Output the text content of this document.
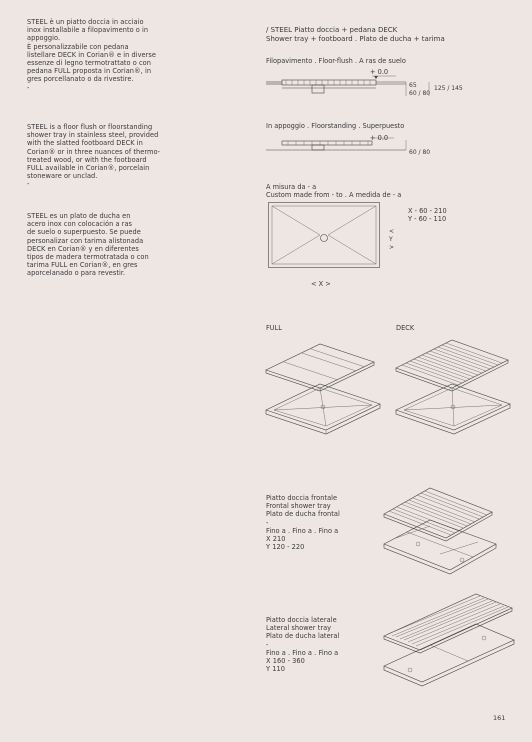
STEEL è un piatto doccia in acciaio
inox installabile a filopavimento o in
appoggio.
È personalizzabile con pedana
listellare DECK in Corian® e in diverse
essenze di legno termotrattato o con
pedana FULL proposta in Corian®, in
gres porcellanato o da rivestire.
-
STEEL is a floor flush or floorstanding
shower tray in stainless steel, provided
with the slatted footboard DECK in
Corian® or in three nuances of thermo-
treated wood, or with the footboard
FULL available in Corian®, porcelain
stoneware or unclad.
-
STEEL es un plato de ducha en
acero inox con colocación a ras
de suelo o superpuesto. Se puede
personalizar con tarima alistonada
DECK en Corian® y en diferentes
tipos de madera termotratada o con
tarima FULL en Corian®, en gres
aporcelanado o para revestir.
/ STEEL Piatto doccia + pedana DECK
Shower tray + footboard . Plato de ducha + tarima
Filopavimento . Floor-flush . A ras de suelo
+ 0.0
65
60 / 80
125 / 145
In appoggio . Floorstanding . Superpuesto
+ 0.0
60 / 80
A misura da - a
Custom made from - to . A medida de - a
X - 60 - 210
Y - 60 - 110
<
Y
>
< X >
FULL	DECK
Piatto doccia frontale
Frontal shower tray
Plato de ducha frontal
-
Fino a . Fino a . Fino a
X 210
Y 120 - 220
Piatto doccia laterale
Lateral shower tray
Plato de ducha lateral
-
Fino a . Fino a . Fino a
X 160 - 360
Y 110
161
